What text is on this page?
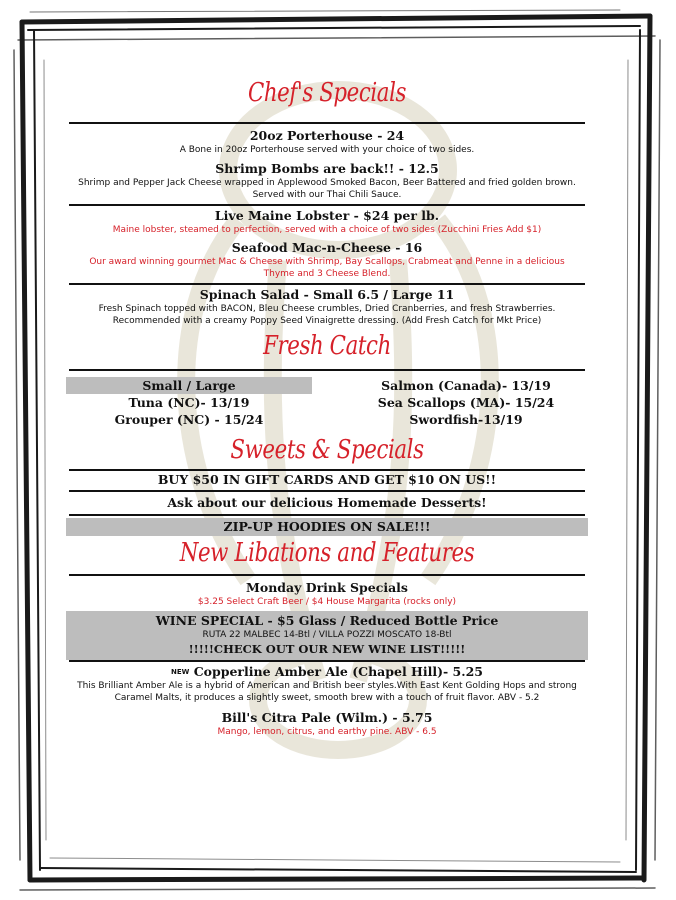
Chef's Specials
20oz Porterhouse - 24
A Bone in 20oz Porterhouse served with your choice of two sides.
Shrimp Bombs are back!! - 12.5
Shrimp and Pepper Jack Cheese wrapped in Applewood Smoked Bacon, Beer Battered and fried golden brown. Served with our Thai Chili Sauce.
Live Maine Lobster - $24 per lb.
Maine lobster, steamed to perfection, served with a choice of two sides (Zucchini Fries Add $1)
Seafood Mac-n-Cheese - 16
Our award winning gourmet Mac & Cheese with Shrimp, Bay Scallops, Crabmeat and Penne in a delicious Thyme and 3 Cheese Blend.
Spinach Salad - Small 6.5 / Large 11
Fresh Spinach topped with BACON, Bleu Cheese crumbles, Dried Cranberries, and fresh Strawberries. Recommended with a creamy Poppy Seed Vinaigrette dressing. (Add Fresh Catch for Mkt Price)
Fresh Catch
Small / Large
Tuna (NC)- 13/19
Grouper (NC) - 15/24
Salmon (Canada)- 13/19
Sea Scallops (MA)- 15/24
Swordfish-13/19
Sweets & Specials
BUY $50 IN GIFT CARDS AND GET $10 ON US!!
Ask about our delicious Homemade Desserts!
ZIP-UP HOODIES ON SALE!!!
New Libations and Features
Monday Drink Specials
$3.25 Select Craft Beer / $4 House Margarita (rocks only)
WINE SPECIAL - $5 Glass / Reduced Bottle Price
RUTA 22 MALBEC 14-Btl / VILLA POZZI MOSCATO 18-Btl
!!!!!CHECK OUT OUR NEW WINE LIST!!!!!
$^{NEW}$ Copperline Amber Ale (Chapel Hill)- 5.25
This Brilliant Amber Ale is a hybrid of American and British beer styles.With East Kent Golding Hops and strong Caramel Malts, it produces a slightly sweet, smooth brew with a touch of fruit flavor. ABV - 5.2
Bill's Citra Pale (Wilm.) - 5.75
Mango, lemon, citrus, and earthy pine. ABV - 6.5
